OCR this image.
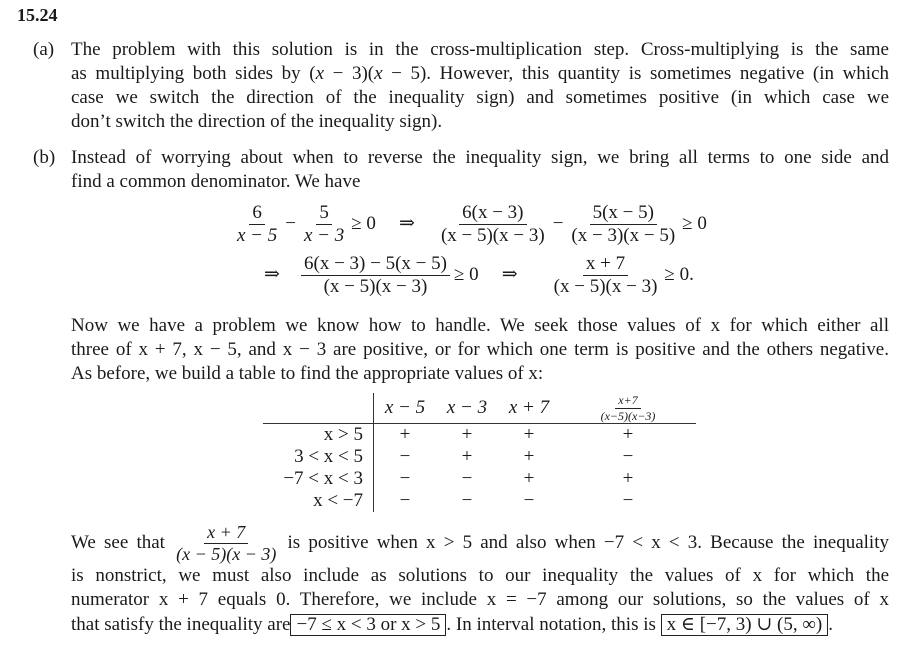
15.24
(a) The problem with this solution is in the cross-multiplication step. Cross-multiplying is the same
as multiplying both sides by (x − 3)(x − 5). However, this quantity is sometimes negative (in which
case we switch the direction of the inequality sign) and sometimes positive (in which case we
don’t switch the direction of the inequality sign).
(b) Instead of worrying about when to reverse the inequality sign, we bring all terms to one side and
find a common denominator. We have
$\frac{6}{x - 5} - \frac{5}{x - 3} \ge 0$	⇒	$\frac{6(x - 3)}{(x - 5)(x - 3)} - \frac{5(x - 5)}{(x - 3)(x - 5)} \ge 0$
⇒	$\frac{6(x - 3) - 5(x - 5)}{(x - 5)(x - 3)} \ge 0$	⇒	$\frac{x + 7}{(x - 5)(x - 3)} \ge 0$.
Now we have a problem we know how to handle. We seek those values of x for which either all
three of x + 7, x − 5, and x − 3 are positive, or for which one term is positive and the others negative.
As before, we build a table to find the appropriate values of x:
	x − 5	x − 3	x + 7	$\frac{x+7}{(x-5)(x-3)}$

x > 5	+	+	+	+
3 < x < 5	−	+	+	−
−7 < x < 3	−	−	+	+
x < −7	−	−	−	−
We see that $\frac{x + 7}{(x - 5)(x - 3)}$ is positive when x > 5 and also when −7 < x < 3. Because the inequality
is nonstrict, we must also include as solutions to our inequality the values of x for which the
numerator x + 7 equals 0. Therefore, we include x = −7 among our solutions, so the values of x
that satisfy the inequality are −7 ≤ x < 3 or x > 5 . In interval notation, this is x ∈ [−7, 3) ∪ (5, ∞) .
